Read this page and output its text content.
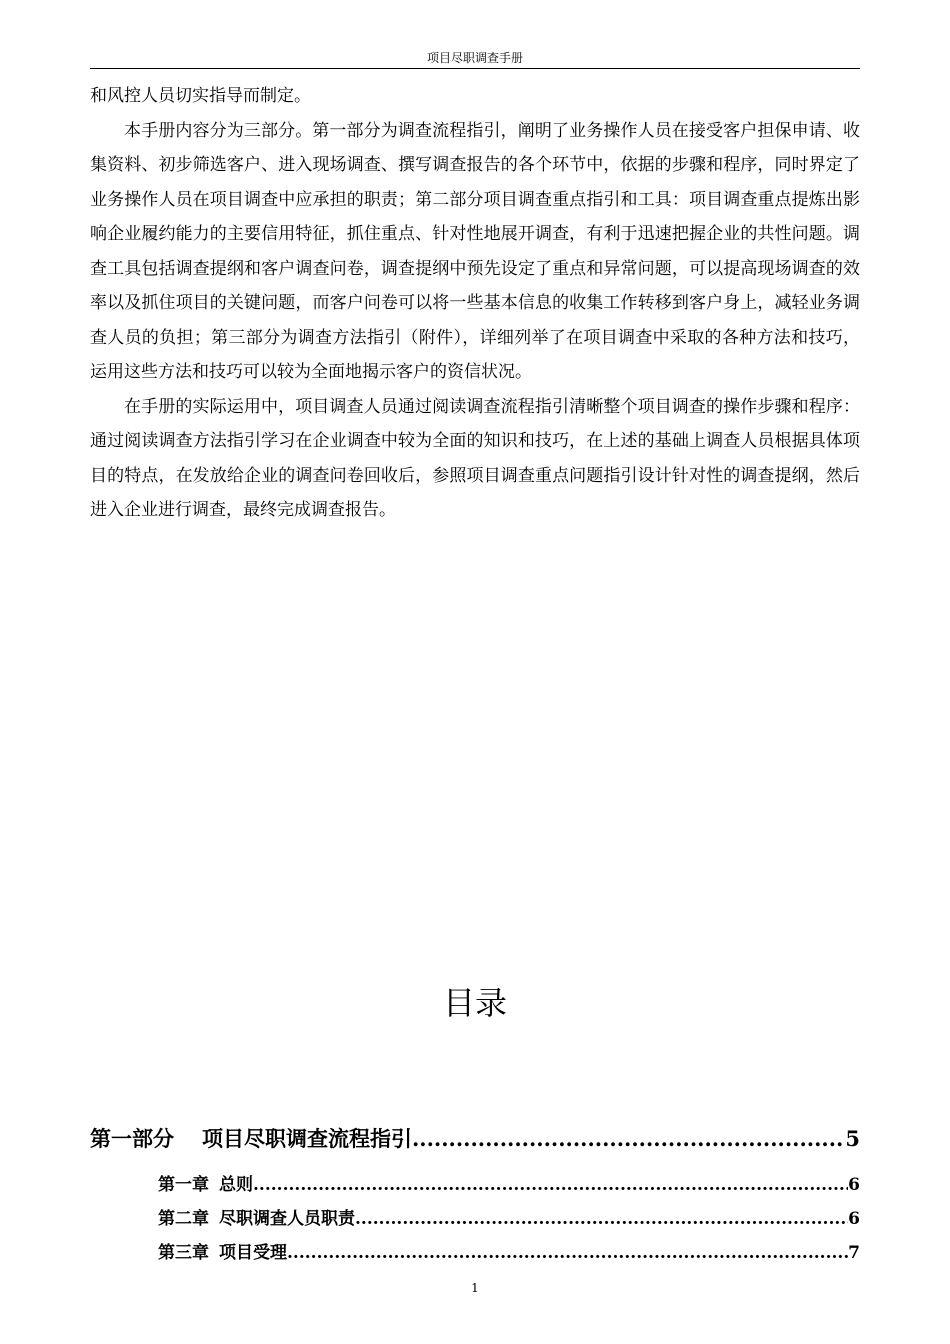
项目尽职调查手册

和风控人员切实指导而制定。

本手册内容分为三部分。第一部分为调查流程指引，阐明了业务操作人员在接受客户担保申请、收集资料、初步筛选客户、进入现场调查、撰写调查报告的各个环节中，依据的步骤和程序，同时界定了业务操作人员在项目调查中应承担的职责；第二部分项目调查重点指引和工具：项目调查重点提炼出影响企业履约能力的主要信用特征，抓住重点、针对性地展开调查，有利于迅速把握企业的共性问题。调查工具包括调查提纲和客户调查问卷，调查提纲中预先设定了重点和异常问题，可以提高现场调查的效率以及抓住项目的关键问题，而客户问卷可以将一些基本信息的收集工作转移到客户身上，减轻业务调查人员的负担；第三部分为调查方法指引（附件），详细列举了在项目调查中采取的各种方法和技巧，运用这些方法和技巧可以较为全面地揭示客户的资信状况。

在手册的实际运用中，项目调查人员通过阅读调查流程指引清晰整个项目调查的操作步骤和程序：通过阅读调查方法指引学习在企业调查中较为全面的知识和技巧，在上述的基础上调查人员根据具体项目的特点，在发放给企业的调查问卷回收后，参照项目调查重点问题指引设计针对性的调查提纲，然后进入企业进行调查，最终完成调查报告。

目录
第一部分 项目尽职调查流程指引 .....	5
第一章 总则 .....	6
第二章 尽职调查人员职责 .....	6
第三章 项目受理 .....	7
1
